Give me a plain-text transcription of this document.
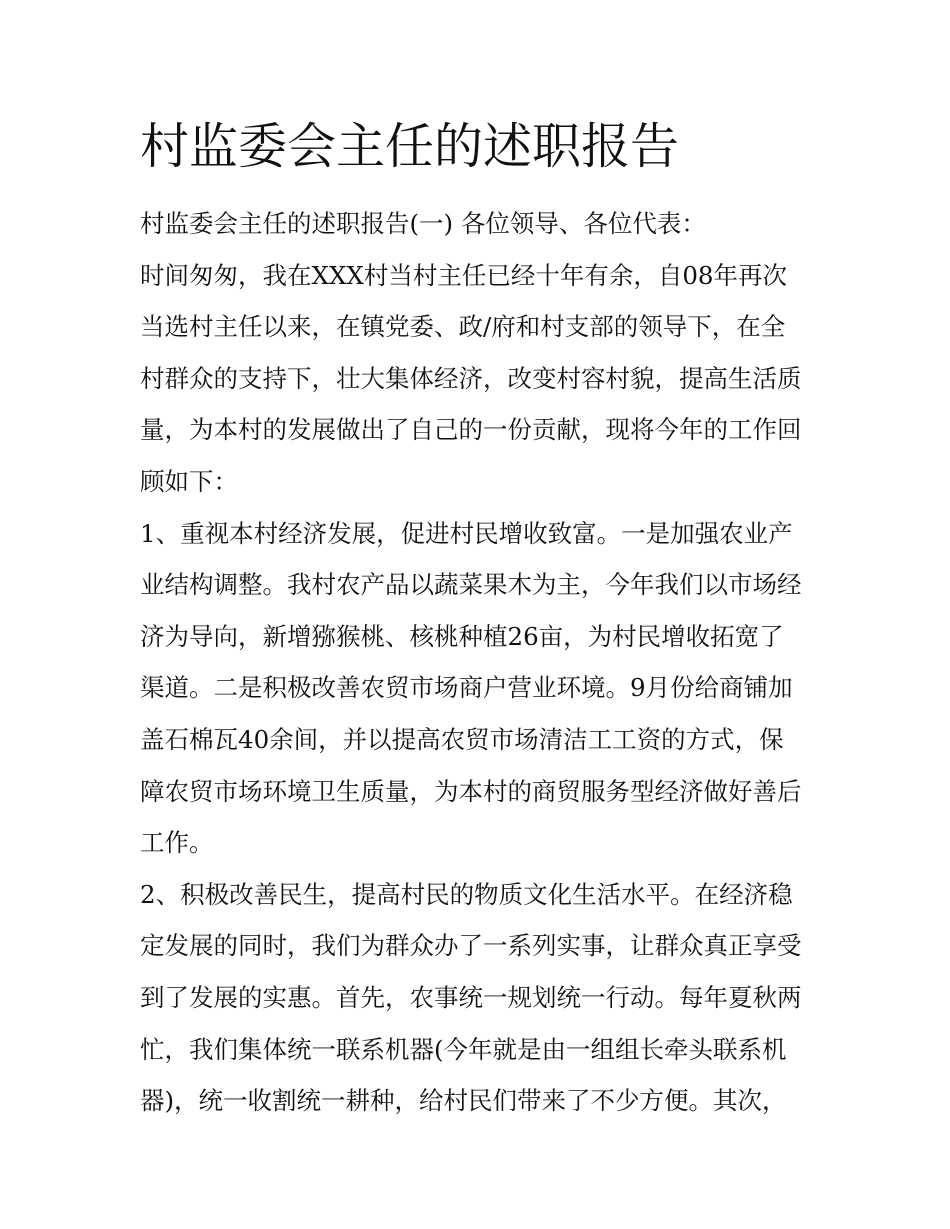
村监委会主任的述职报告
村监委会主任的述职报告(一) 各位领导、各位代表：
时间匆匆，我在XXX村当村主任已经十年有余，自08年再次
当选村主任以来，在镇党委、政/府和村支部的领导下，在全
村群众的支持下，壮大集体经济，改变村容村貌，提高生活质
量，为本村的发展做出了自己的一份贡献，现将今年的工作回
顾如下：
1、重视本村经济发展，促进村民增收致富。一是加强农业产
业结构调整。我村农产品以蔬菜果木为主，今年我们以市场经
济为导向，新增猕猴桃、核桃种植26亩，为村民增收拓宽了
渠道。二是积极改善农贸市场商户营业环境。9月份给商铺加
盖石棉瓦40余间，并以提高农贸市场清洁工工资的方式，保
障农贸市场环境卫生质量，为本村的商贸服务型经济做好善后
工作。
2、积极改善民生，提高村民的物质文化生活水平。在经济稳
定发展的同时，我们为群众办了一系列实事，让群众真正享受
到了发展的实惠。首先，农事统一规划统一行动。每年夏秋两
忙，我们集体统一联系机器(今年就是由一组组长牵头联系机
器)，统一收割统一耕种，给村民们带来了不少方便。其次，
